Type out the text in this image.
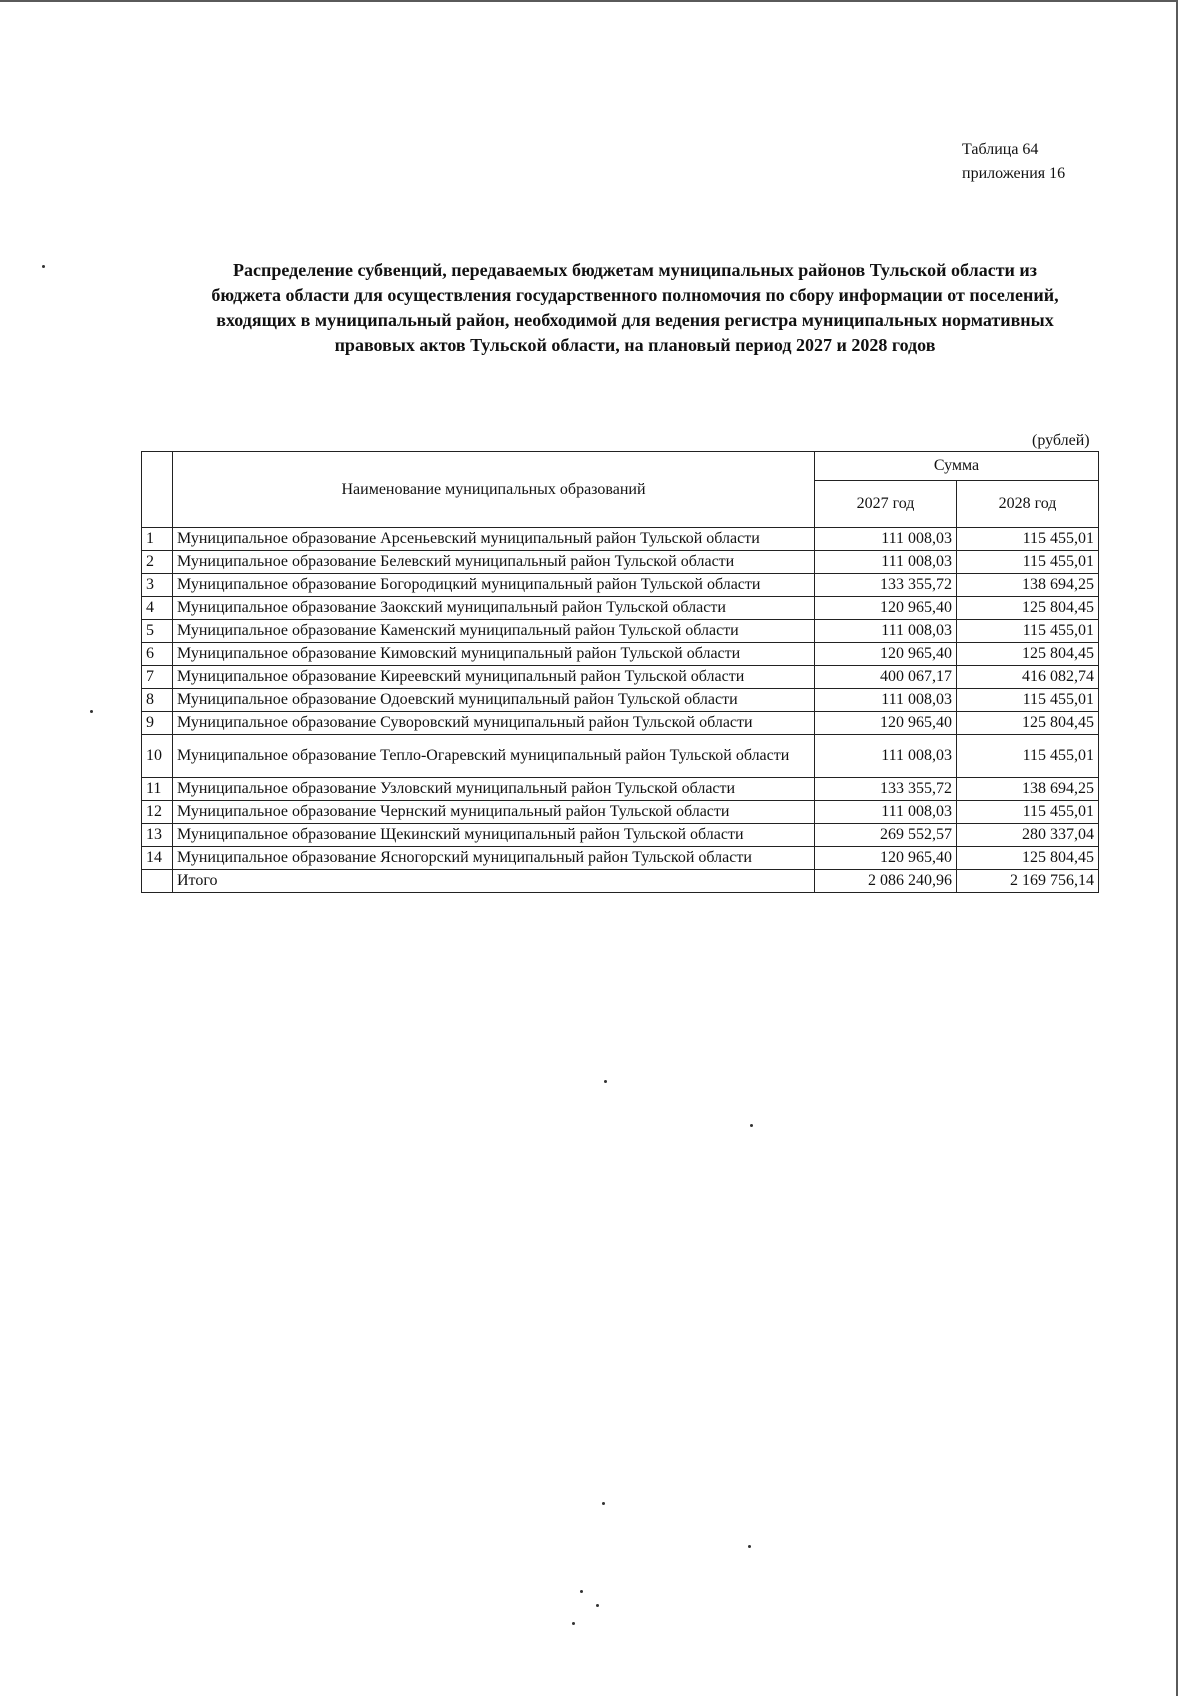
Таблица 64
приложения 16
Распределение субвенций, передаваемых бюджетам муниципальных районов Тульской области из
бюджета области для осуществления государственного полномочия по сбору информации от поселений,
входящих в муниципальный район, необходимой для ведения регистра муниципальных нормативных
правовых актов Тульской области, на плановый период 2027 и 2028 годов
(рублей)
	Наименование муниципальных образований	Сумма	
		2027 год	2028 год
1	Муниципальное образование Арсеньевский муниципальный район Тульской области	111 008,03	115 455,01
2	Муниципальное образование Белевский муниципальный район Тульской области	111 008,03	115 455,01
3	Муниципальное образование Богородицкий муниципальный район Тульской области	133 355,72	138 694,25
4	Муниципальное образование Заокский муниципальный район Тульской области	120 965,40	125 804,45
5	Муниципальное образование Каменский муниципальный район Тульской области	111 008,03	115 455,01
6	Муниципальное образование Кимовский муниципальный район Тульской области	120 965,40	125 804,45
7	Муниципальное образование Киреевский муниципальный район Тульской области	400 067,17	416 082,74
8	Муниципальное образование Одоевский муниципальный район Тульской области	111 008,03	115 455,01
9	Муниципальное образование Суворовский муниципальный район Тульской области	120 965,40	125 804,45
10	Муниципальное образование Тепло-Огаревский муниципальный район Тульской области	111 008,03	115 455,01
11	Муниципальное образование Узловский муниципальный район Тульской области	133 355,72	138 694,25
12	Муниципальное образование Чернский муниципальный район Тульской области	111 008,03	115 455,01
13	Муниципальное образование Щекинский муниципальный район Тульской области	269 552,57	280 337,04
14	Муниципальное образование Ясногорский муниципальный район Тульской области	120 965,40	125 804,45
	Итого	2 086 240,96	2 169 756,14
